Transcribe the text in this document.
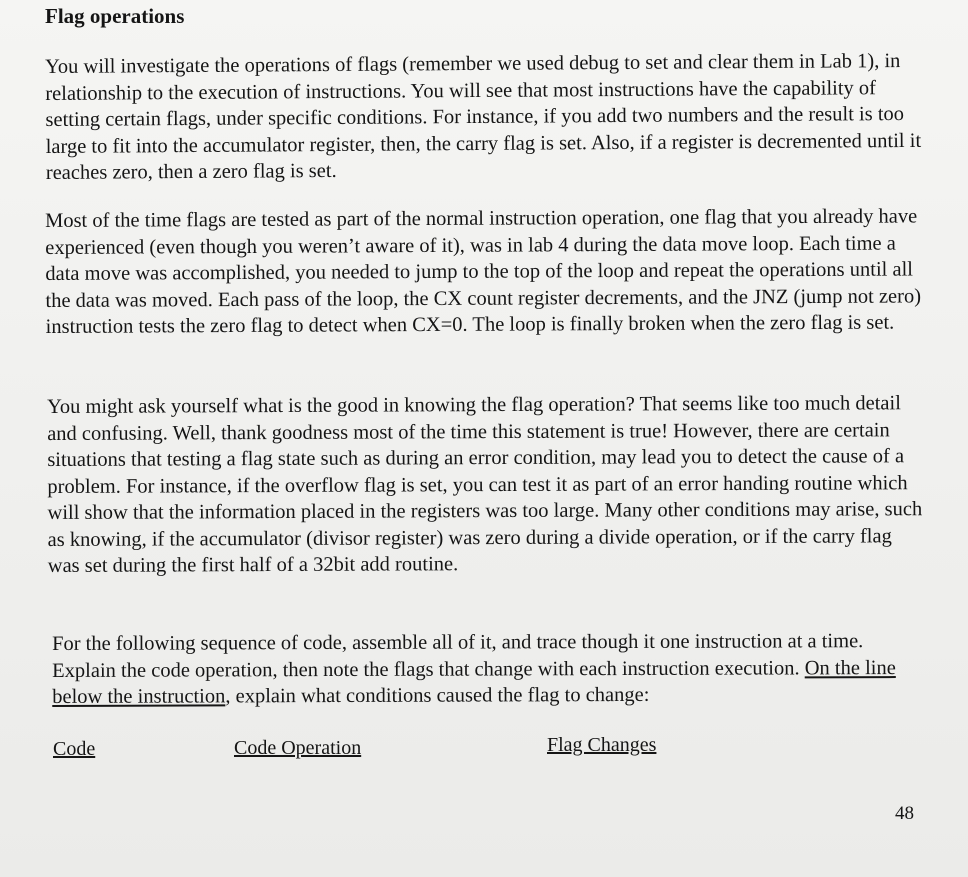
Flag operations

You will investigate the operations of flags (remember we used debug to set and clear them in Lab 1), in relationship to the execution of instructions. You will see that most instructions have the capability of setting certain flags, under specific conditions. For instance, if you add two numbers and the result is too large to fit into the accumulator register, then, the carry flag is set. Also, if a register is decremented until it reaches zero, then a zero flag is set.

Most of the time flags are tested as part of the normal instruction operation, one flag that you already have experienced (even though you weren’t aware of it), was in lab 4 during the data move loop. Each time a data move was accomplished, you needed to jump to the top of the loop and repeat the operations until all the data was moved. Each pass of the loop, the CX count register decrements, and the JNZ (jump not zero) instruction tests the zero flag to detect when CX=0. The loop is finally broken when the zero flag is set.

You might ask yourself what is the good in knowing the flag operation? That seems like too much detail and confusing. Well, thank goodness most of the time this statement is true! However, there are certain situations that testing a flag state such as during an error condition, may lead you to detect the cause of a problem. For instance, if the overflow flag is set, you can test it as part of an error handing routine which will show that the information placed in the registers was too large. Many other conditions may arise, such as knowing, if the accumulator (divisor register) was zero during a divide operation, or if the carry flag was set during the first half of a 32bit add routine.

For the following sequence of code, assemble all of it, and trace though it one instruction at a time. Explain the code operation, then note the flags that change with each instruction execution. On the line below the instruction, explain what conditions caused the flag to change:

Code	Code Operation	Flag Changes
48
